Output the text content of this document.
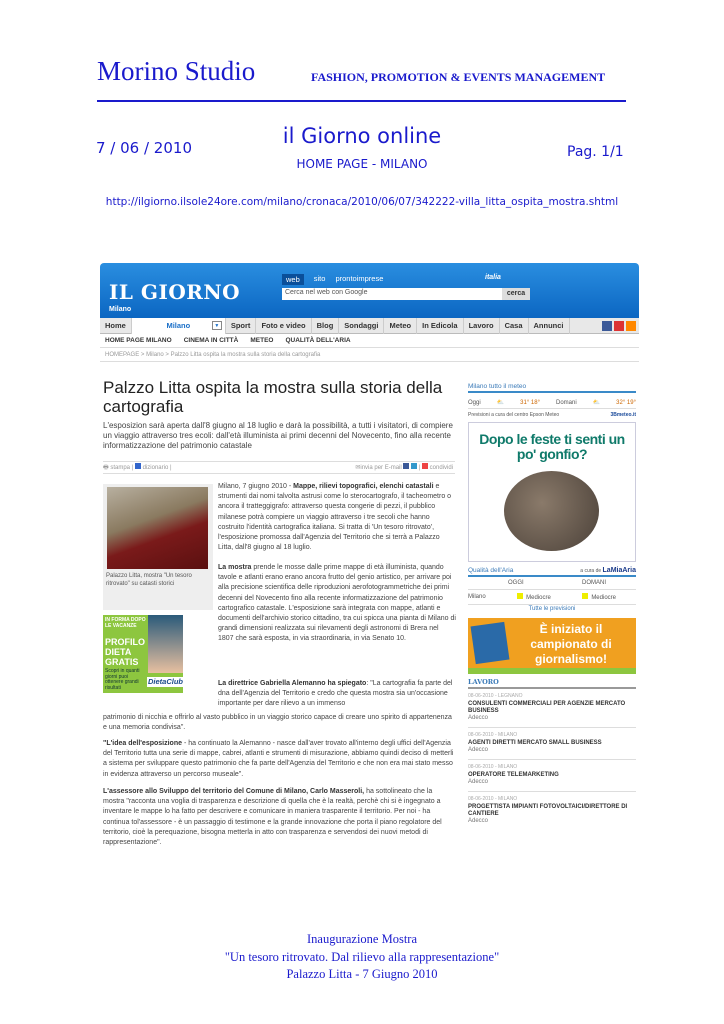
Morino Studio	FASHION, PROMOTION & EVENTS MANAGEMENT
7 / 06 / 2010	il Giorno online
HOME PAGE - MILANO
Pag. 1/1
http://ilgiorno.ilsole24ore.com/milano/cronaca/2010/06/07/342222-villa_litta_ospita_mostra.shtml
IL GIORNO
Milano
web	sito prontoimprese	italia
Cerca nel web con Google	cerca
Home	Milano	▼	Sport	Foto e video	Blog	Sondaggi	Meteo	In Edicola	Lavoro	Casa	Annunci
HOME PAGE MILANO CINEMA IN CITTÀ METEO QUALITÀ DELL'ARIA
HOMEPAGE > Milano > Palzzo Litta ospita la mostra sulla storia della cartografia
Palzzo Litta ospita la mostra sulla storia della cartografia
L'esposizion sarà aperta dall'8 giugno al 18 luglio e darà la possibilità, a tutti i visitatori, di compiere un viaggio attraverso tres ecoli: dall'età illuminista ai primi decenni del Novecento, fino alla recente informatizzazione del patrimonio catastale
🖶 stampa |  dizionario |	✉invia per E-mail	|  condividi
Palazzo Litta, mostra "Un tesoro ritrovato" su catasti storici
IN FORMA DOPO LE VACANZE
PROFILO DIETA GRATIS
Scopri in quanti giorni puoi ottenere grandi risultati
DietaClub

Milano, 7 giugno 2010 - Mappe, rilievi topografici, elenchi catastali e strumenti dai nomi talvolta astrusi come lo sterocartografo, il tacheometro o ancora il tratteggigrafo: attraverso questa congerie di pezzi, il pubblico milanese potrà compiere un viaggio attraverso i tre secoli che hanno costruito l'identità cartografica italiana. Si tratta di 'Un tesoro ritrovato', l'esposizione promossa dall'Agenzia del Territorio che si terrà a Palazzo Litta, dall'8 giugno al 18 luglio.

La mostra prende le mosse dalle prime mappe di età illuminista, quando tavole e atlanti erano erano ancora frutto del genio artistico, per arrivare poi alla precisione scientifica delle riproduzioni aerofotogrammetriche dei primi decenni del Novecento fino alla recente informatizzazione del patrimonio cartografico catastale. L'esposizione sarà integrata con mappe, atlanti e documenti dell'archivio storico cittadino, tra cui spicca una pianta di Milano di grandi dimensioni realizzata sui rilevamenti degli astronomi di Brera nel 1807 che sarà esposta, in via straordinaria, in via Senato 10.

La direttrice Gabriella Alemanno ha spiegato: "La cartografia fa parte del dna dell'Agenzia del Territorio e credo che questa mostra sia un'occasione importante per dare rilievo a un immenso

patrimonio di nicchia e offrirlo al vasto pubblico in un viaggio storico capace di creare uno spirito di appartenenza e una memoria condivisa".

"L'idea dell'esposizione - ha continuato la Alemanno - nasce dall'aver trovato all'interno degli uffici dell'Agenzia del Territorio tutta una serie di mappe, cabrei, atlanti e strumenti di misurazione, abbiamo quindi deciso di metterli a sistema per sviluppare questo patrimonio che fa parte dell'Agenzia del Territorio e che non era mai stato messo in evidenza attraverso un percorso museale".

L'assessore allo Sviluppo del territorio del Comune di Milano, Carlo Masseroli, ha sottolineato che la mostra "racconta una voglia di trasparenza e descrizione di quella che è la realtà, perchè chi si è ingegnato a inventare le mappe lo ha fatto per descrivere e comunicare in maniera trasparente il territorio. Per noi - ha continua tol'assessore - è un passaggio di testimone e la grande innovazione che porta il piano regolatore del territorio, cioè la perequazione, bisogna metterla in atto con trasparenza e servendosi dei nuovi metodi di rappresentazione".

Milano tutto il meteo
Oggi	⛅	31° 18°	Domani	⛅	32° 19°
Previsioni a cura del centro Epson Meteo	3Bmeteo.it
Dopo le feste ti senti un po' gonfio?
Qualità dell'Aria	a cura de LaMiaAria
OGGI	DOMANI
Milano	Mediocre	Mediocre
Tutte le previsioni
È iniziato il campionato di giornalismo!
LAVORO
08-06-2010 - LEGNANO
CONSULENTI COMMERCIALI PER AGENZIE MERCATO BUSINESS
Adecco
08-06-2010 - MILANO
AGENTI DIRETTI MERCATO SMALL BUSINESS
Adecco
08-06-2010 - MILANO
OPERATORE TELEMARKETING
Adecco
08-06-2010 - MILANO
PROGETTISTA IMPIANTI FOTOVOLTAICI/DIRETTORE DI CANTIERE
Adecco
Inaugurazione Mostra
"Un tesoro ritrovato. Dal rilievo alla rappresentazione"
Palazzo Litta - 7 Giugno 2010
